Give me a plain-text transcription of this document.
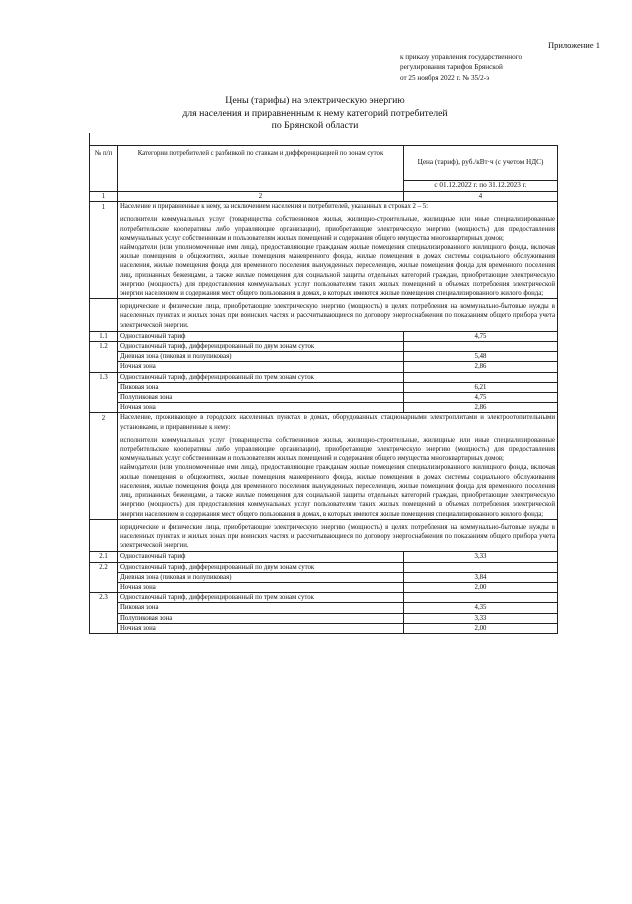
Приложение 1
к приказу управления государственного
регулирования тарифов Брянской
от 25 ноября 2022 г. № 35/2-э
Цены (тарифы) на электрическую энергию
для населения и приравненным к нему категорий потребителей
по Брянской области
№ п/п	Категории потребителей с разбивкой по ставкам и дифференциацией по зонам суток	Цена (тариф), руб./кВт·ч (с учетом НДС)
		с 01.12.2022 г. по 31.12.2023 г.
1	2	4
1	Население и приравненные к нему, за исключением населения и потребителей, указанных в строках 2 – 5:

исполнители коммунальных услуг (товарищества собственников жилья, жилищно-строительные, жилищные или иные специализированные потребительские кооперативы либо управляющие организации), приобретающие электрическую энергию (мощность) для предоставления коммунальных услуг собственникам и пользователям жилых помещений и содержания общего имущества многоквартирных домов;

наймодатели (или уполномоченные ими лица), предоставляющие гражданам жилые помещения специализированного жилищного фонда, включая жилые помещения в общежитиях, жилые помещения маневренного фонда, жилые помещения в домах системы социального обслуживания населения, жилые помещения фонда для временного поселения вынужденных переселенцев, жилые помещения фонда для временного поселения лиц, признанных беженцами, а также жилые помещения для социальной защиты отдельных категорий граждан, приобретающие электрическую энергию (мощность) для предоставления коммунальных услуг пользователям таких жилых помещений в объемах потребления электрической энергии населением и содержания мест общего пользования в домах, в которых имеются жилые помещения специализированного жилого фонда;	

	юридические и физические лица, приобретающие электрическую энергию (мощность) в целях потребления на коммунально-бытовые нужды в населенных пунктах и жилых зонах при воинских частях и рассчитывающиеся по договору энергоснабжения по показаниям общего прибора учета электрической энергии.	

1.1	Одноставочный тариф	4,75
1.2	Одноставочный тариф, дифференцированный по двум зонам суток	
	Дневная зона (пиковая и полупиковая)	5,48
	Ночная зона	2,86
1.3	Одноставочный тариф, дифференцированный по трем зонам суток	
	Пиковая зона	6,21
	Полупиковая зона	4,75
	Ночная зона	2,86
2	Население, проживающее в городских населенных пунктах в домах, оборудованных стационарными электроплитами и электроотопительными установками, и приравненные к нему:

исполнители коммунальных услуг (товарищества собственников жилья, жилищно-строительные, жилищные или иные специализированные потребительские кооперативы либо управляющие организации), приобретающие электрическую энергию (мощность) для предоставления коммунальных услуг собственникам и пользователям жилых помещений и содержания общего имущества многоквартирных домов;

наймодатели (или уполномоченные ими лица), предоставляющие гражданам жилые помещения специализированного жилищного фонда, включая жилые помещения в общежитиях, жилые помещения маневренного фонда, жилые помещения в домах системы социального обслуживания населения, жилые помещения фонда для временного поселения вынужденных переселенцев, жилые помещения фонда для временного поселения лиц, признанных беженцами, а также жилые помещения для социальной защиты отдельных категорий граждан, приобретающие электрическую энергию (мощность) для предоставления коммунальных услуг пользователям таких жилых помещений в объемах потребления электрической энергии населением и содержания мест общего пользования в домах, в которых имеются жилые помещения специализированного жилого фонда;	

	юридические и физические лица, приобретающие электрическую энергию (мощность) в целях потребления на коммунально-бытовые нужды в населенных пунктах и жилых зонах при воинских частях и рассчитывающиеся по договору энергоснабжения по показаниям общего прибора учета электрической энергии.	

2.1	Одноставочный тариф	3,33
2.2	Одноставочный тариф, дифференцированный по двум зонам суток	
	Дневная зона (пиковая и полупиковая)	3,84
	Ночная зона	2,00
2.3	Одноставочный тариф, дифференцированный по трем зонам суток	
	Пиковая зона	4,35
	Полупиковая зона	3,33
	Ночная зона	2,00
